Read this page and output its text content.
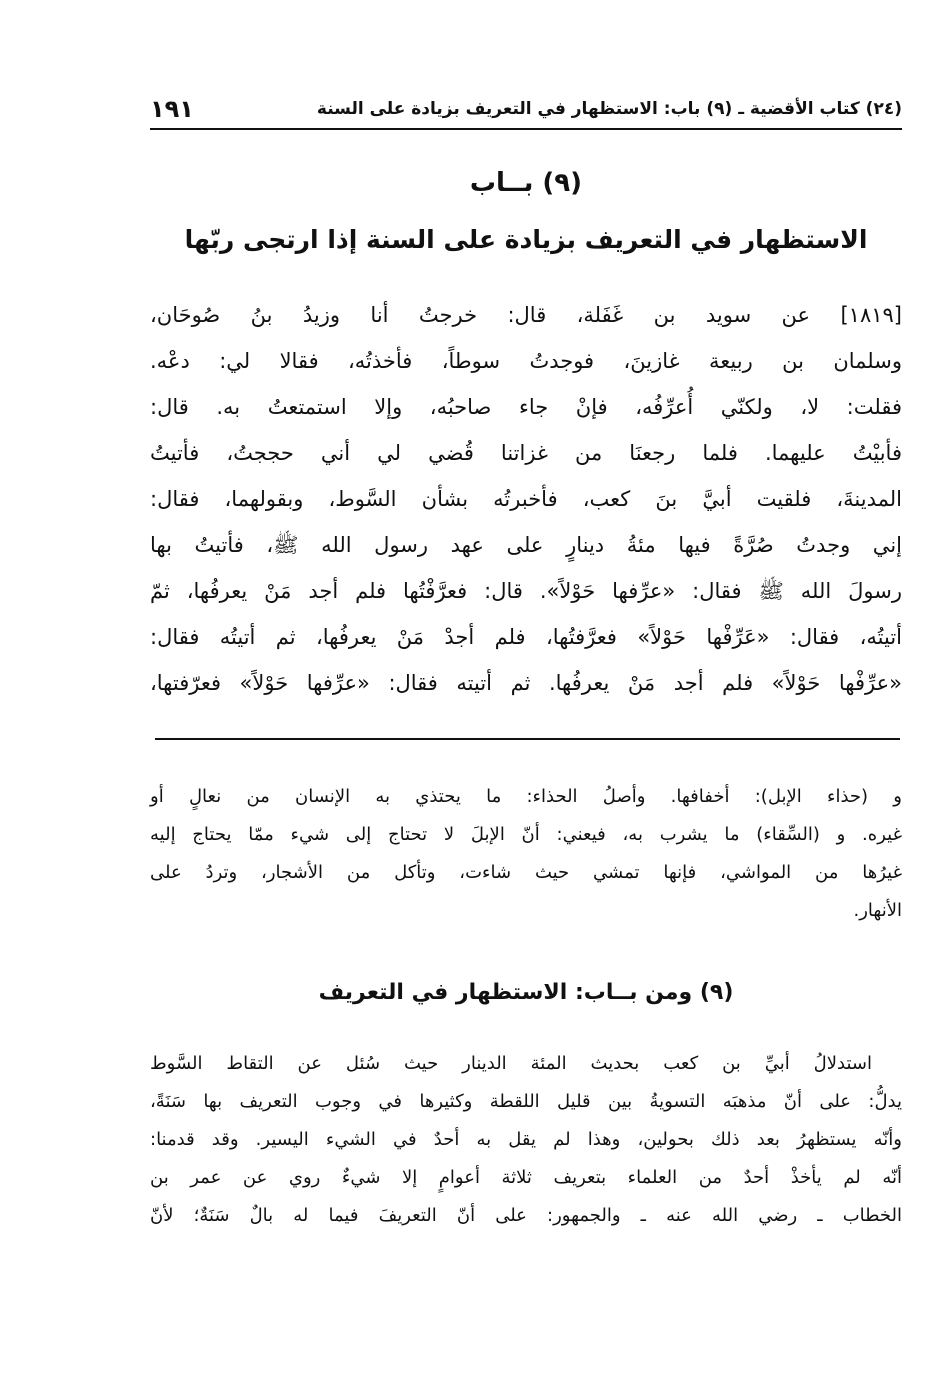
١٩١	(٢٤) كتاب الأقضية ـ (٩) باب: الاستظهار في التعريف بزيادة على السنة
(٩) بــاب
الاستظهار في التعريف بزيادة على السنة إذا ارتجى ربّها
[١٨١٩] عن سويد بن غَفَلة، قال: خرجتُ أنا وزيدُ بنُ صُوحَان،
وسلمان بن ربيعة غازينَ، فوجدتُ سوطاً، فأخذتُه، فقالا لي: دعْه.
فقلت: لا، ولكنّي أُعرِّفُه، فإنْ جاء صاحبُه، وإلا استمتعتُ به. قال:
فأبيْتُ عليهما. فلما رجعنَا من غزاتنا قُضي لي أني حججتُ، فأتيتُ
المدينةَ، فلقيت أبيَّ بنَ كعب، فأخبرتُه بشأن السَّوط، وبقولهما، فقال:
إني وجدتُ صُرَّةً فيها مئةُ دينارٍ على عهد رسول الله ﷺ، فأتيتُ بها
رسولَ الله ﷺ فقال: «عرِّفها حَوْلاً». قال: فعرَّفْتُها فلم أجد مَنْ يعرفُها، ثمّ
أتيتُه، فقال: «عَرِّفْها حَوْلاً» فعرَّفتُها، فلم أجدْ مَنْ يعرفُها، ثم أتيتُه فقال:
«عرِّفْها حَوْلاً» فلم أجد مَنْ يعرفُها. ثم أتيته فقال: «عرِّفها حَوْلاً» فعرّفتها،
و (حذاء الإبل): أخفافها. وأصلُ الحذاء: ما يحتذي به الإنسان من نعالٍ أو
غيره. و (السِّقاء) ما يشرب به، فيعني: أنّ الإبلَ لا تحتاج إلى شيء ممّا يحتاج إليه
غيرُها من المواشي، فإنها تمشي حيث شاءت، وتأكل من الأشجار، وتردُ على
الأنهار.
(٩) ومن بــاب: الاستظهار في التعريف
استدلالُ أبيِّ بن كعب بحديث المئة الدينار حيث سُئل عن التقاط السَّوط
يدلُّ: على أنّ مذهبَه التسويةُ بين قليل اللقطة وكثيرها في وجوب التعريف بها سَنَةً،
وأنّه يستظهرُ بعد ذلك بحولين، وهذا لم يقل به أحدٌ في الشيء اليسير. وقد قدمنا:
أنّه لم يأخذْ أحدٌ من العلماء بتعريف ثلاثة أعوامٍ إلا شيءٌ روي عن عمر بن
الخطاب ـ رضي الله عنه ـ والجمهور: على أنّ التعريفَ فيما له بالٌ سَنَةٌ؛ لأنّ
